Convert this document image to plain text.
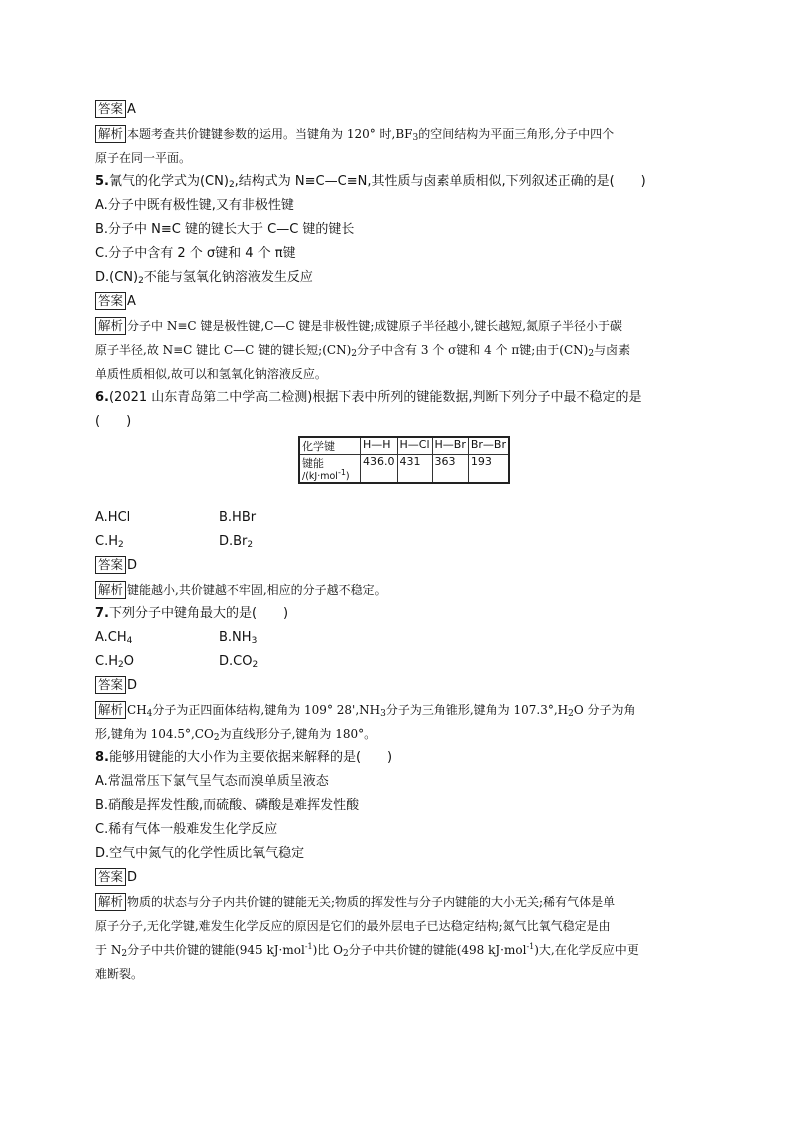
答案 A
解析 本题考查共价键键参数的运用。当键角为 120° 时$,BF_3$的空间结构为平面三角形,分子中四个
原子在同一平面。
5.氰气的化学式为$(CN)_2$,结构式为 N≡C—C≡N,其性质与卤素单质相似,下列叙述正确的是(　　)
A.分子中既有极性键,又有非极性键
B.分子中 N≡C 键的键长大于 C—C 键的键长
C.分子中含有 2 个 σ键和 4 个 π键
$D.(CN)_2$不能与氢氧化钠溶液发生反应
答案 A
解析 分子中 N≡C 键是极性键,C—C 键是非极性键;成键原子半径越小,键长越短,氮原子半径小于碳
原子半径,故 N≡C 键比 C—C 键的键长短$;(CN)_2$分子中含有 3 个 σ键和 4 个 π键;由于$(CN)_2$与卤素
单质性质相似,故可以和氢氧化钠溶液反应。
6.(2021 山东青岛第二中学高二检测)根据下表中所列的键能数据,判断下列分子中最不稳定的是
(　　)
化学键	H—H	H—Cl	H—Br	Br—Br

键能
/(kJ·mol$^{-1}$)	436.0	431	363	193
A.HCl	B.HBr
$C.H_2$	$D.Br_2$
答案 D
解析 键能越小,共价键越不牢固,相应的分子越不稳定。
7.下列分子中键角最大的是(　　)
$A.CH_4$	$B.NH_3$
$C.H_2O$	$D.CO_2$
答案 D
解析 $CH_4$分子为正四面体结构,键角为 109° $28',NH_3$分子为三角锥形,键角为 $107.3^\circ,H_2O$ 分子为角
形,键角为 $104.5^\circ,CO_2$为直线形分子,键角为 180°。
8.能够用键能的大小作为主要依据来解释的是(　　)
A.常温常压下氯气呈气态而溴单质呈液态
B.硝酸是挥发性酸,而硫酸、磷酸是难挥发性酸
C.稀有气体一般难发生化学反应
D.空气中氮气的化学性质比氧气稳定
答案 D
解析 物质的状态与分子内共价键的键能无关;物质的挥发性与分子内键能的大小无关;稀有气体是单
原子分子,无化学键,难发生化学反应的原因是它们的最外层电子已达稳定结构;氮气比氧气稳定是由
于 $N_2$分子中共价键的键能(945 kJ·mol$^{-1}$)比 $O_2$分子中共价键的键能(498 kJ·mol$^{-1}$)大,在化学反应中更
难断裂。
